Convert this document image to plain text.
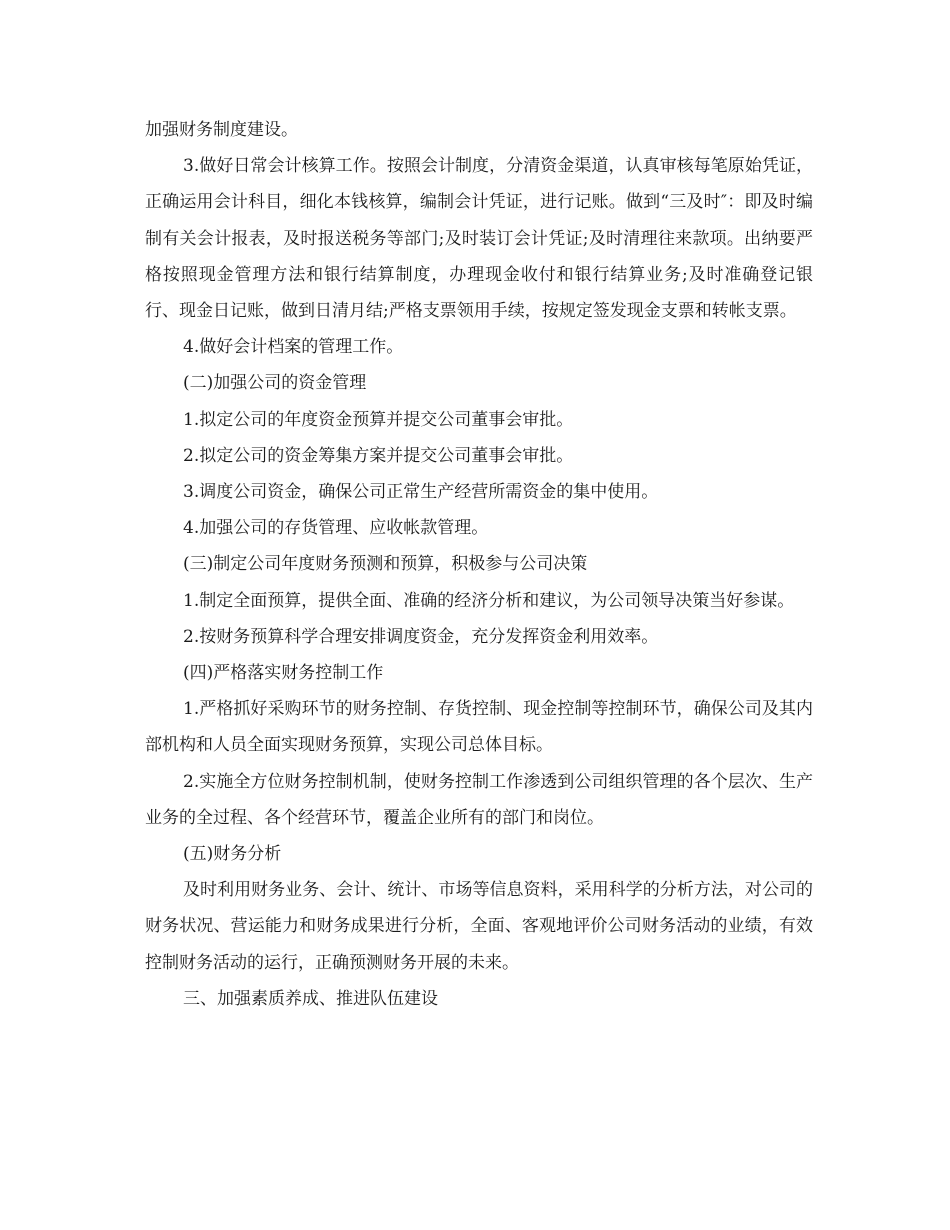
加强财务制度建设。

3.做好日常会计核算工作。按照会计制度，分清资金渠道，认真审核每笔原始凭证，正确运用会计科目，细化本钱核算，编制会计凭证，进行记账。做到“三及时″：即及时编制有关会计报表，及时报送税务等部门;及时装订会计凭证;及时清理往来款项。出纳要严格按照现金管理方法和银行结算制度，办理现金收付和银行结算业务;及时准确登记银行、现金日记账，做到日清月结;严格支票领用手续，按规定签发现金支票和转帐支票。

4.做好会计档案的管理工作。

(二)加强公司的资金管理

1.拟定公司的年度资金预算并提交公司董事会审批。

2.拟定公司的资金筹集方案并提交公司董事会审批。

3.调度公司资金，确保公司正常生产经营所需资金的集中使用。

4.加强公司的存货管理、应收帐款管理。

(三)制定公司年度财务预测和预算，积极参与公司决策

1.制定全面预算，提供全面、准确的经济分析和建议，为公司领导决策当好参谋。

2.按财务预算科学合理安排调度资金，充分发挥资金利用效率。

(四)严格落实财务控制工作

1.严格抓好采购环节的财务控制、存货控制、现金控制等控制环节，确保公司及其内部机构和人员全面实现财务预算，实现公司总体目标。

2.实施全方位财务控制机制，使财务控制工作渗透到公司组织管理的各个层次、生产业务的全过程、各个经营环节，覆盖企业所有的部门和岗位。

(五)财务分析

及时利用财务业务、会计、统计、市场等信息资料，采用科学的分析方法，对公司的财务状况、营运能力和财务成果进行分析，全面、客观地评价公司财务活动的业绩，有效控制财务活动的运行，正确预测财务开展的未来。

三、加强素质养成、推进队伍建设
